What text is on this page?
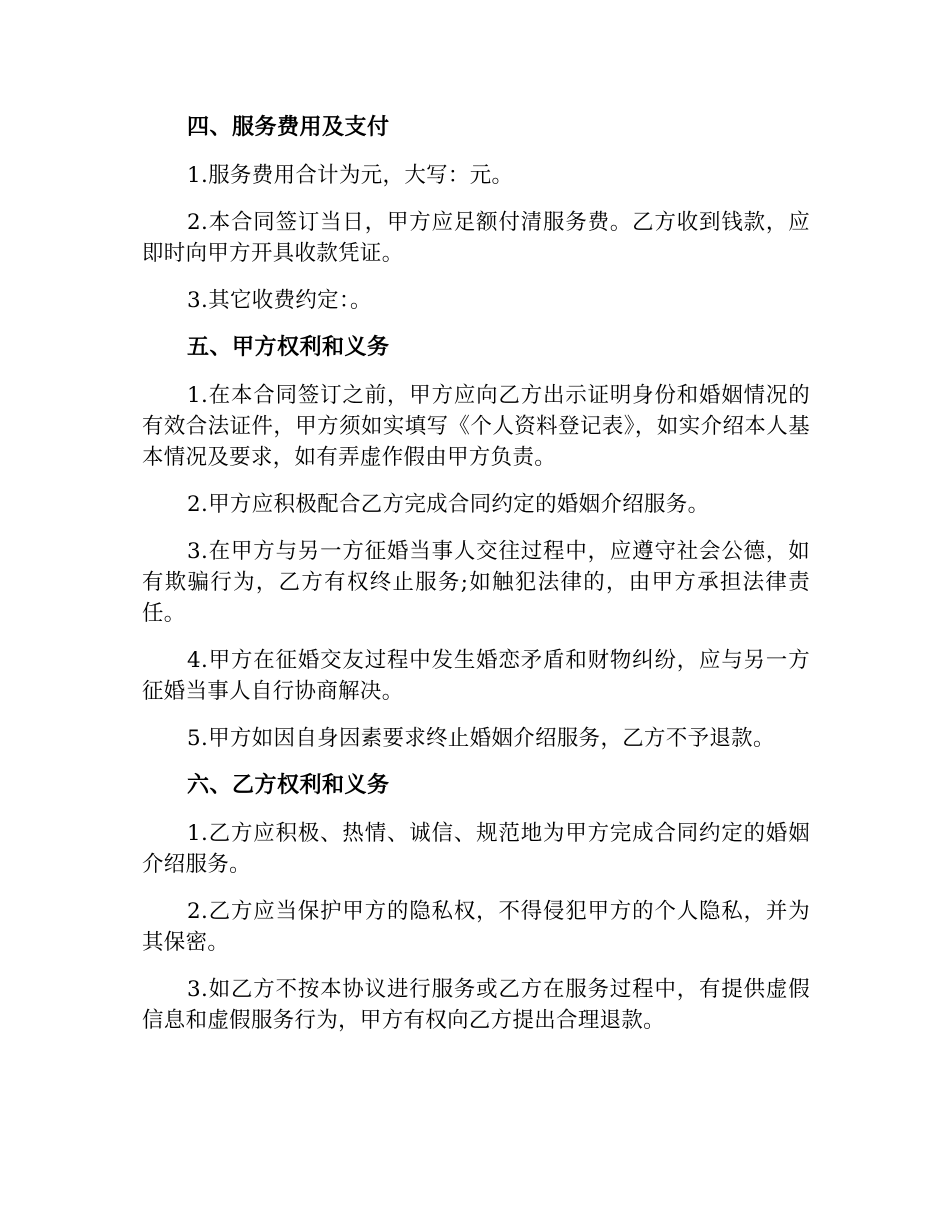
四、服务费用及支付

1.服务费用合计为元，大写：元。

2.本合同签订当日，甲方应足额付清服务费。乙方收到钱款，应即时向甲方开具收款凭证。

3.其它收费约定：。

五、甲方权利和义务

1.在本合同签订之前，甲方应向乙方出示证明身份和婚姻情况的有效合法证件，甲方须如实填写《个人资料登记表》，如实介绍本人基本情况及要求，如有弄虚作假由甲方负责。

2.甲方应积极配合乙方完成合同约定的婚姻介绍服务。

3.在甲方与另一方征婚当事人交往过程中，应遵守社会公德，如有欺骗行为，乙方有权终止服务;如触犯法律的，由甲方承担法律责任。

4.甲方在征婚交友过程中发生婚恋矛盾和财物纠纷，应与另一方征婚当事人自行协商解决。

5.甲方如因自身因素要求终止婚姻介绍服务，乙方不予退款。

六、乙方权利和义务

1.乙方应积极、热情、诚信、规范地为甲方完成合同约定的婚姻介绍服务。

2.乙方应当保护甲方的隐私权，不得侵犯甲方的个人隐私，并为其保密。

3.如乙方不按本协议进行服务或乙方在服务过程中，有提供虚假信息和虚假服务行为，甲方有权向乙方提出合理退款。
